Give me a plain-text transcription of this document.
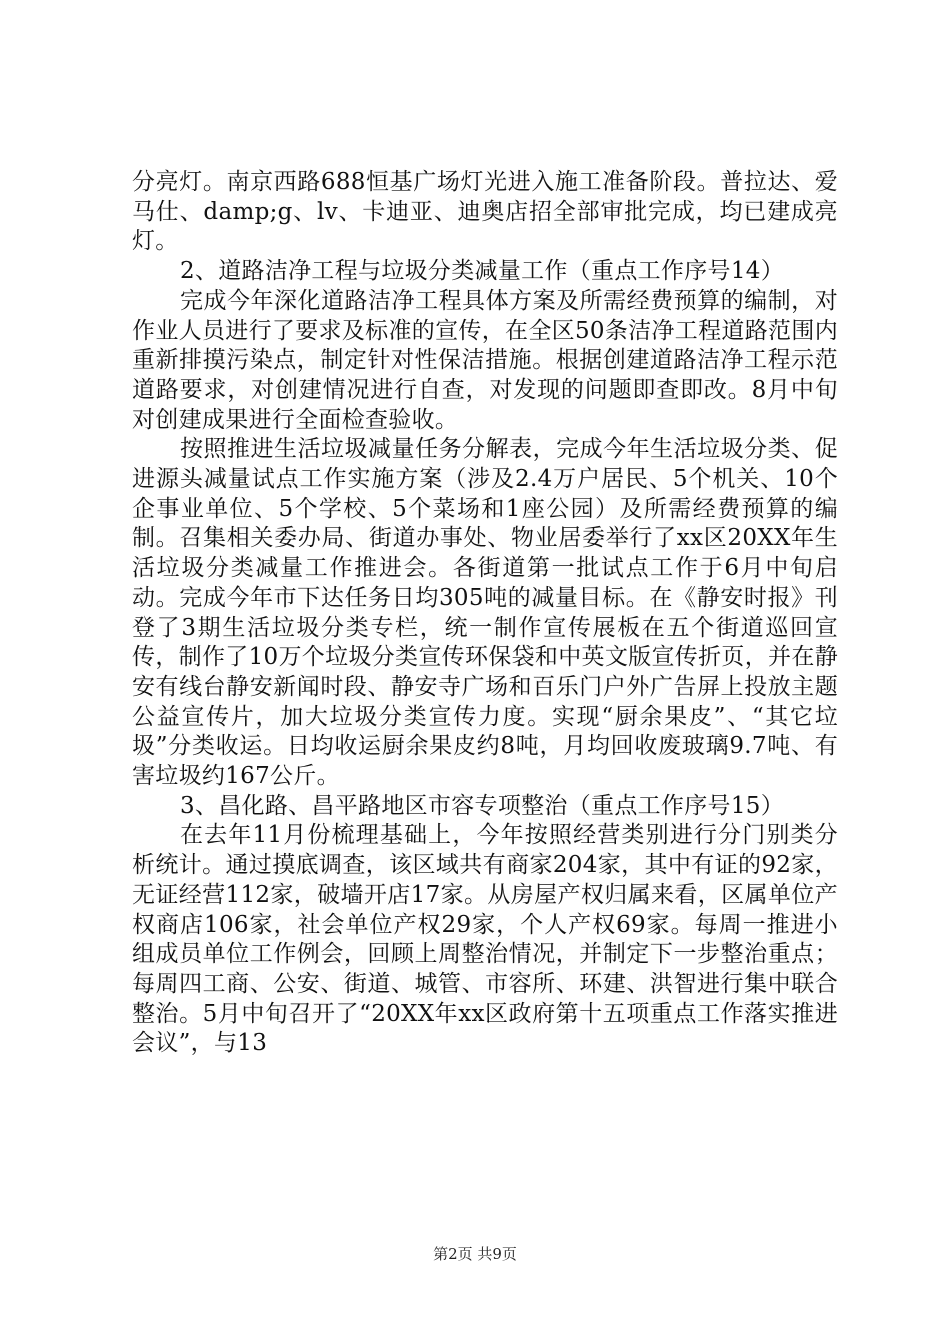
分亮灯。南京西路688恒基广场灯光进入施工准备阶段。普拉达、爱马仕、damp;g、lv、卡迪亚、迪奥店招全部审批完成，均已建成亮灯。

2、道路洁净工程与垃圾分类减量工作（重点工作序号14）

完成今年深化道路洁净工程具体方案及所需经费预算的编制，对作业人员进行了要求及标准的宣传，在全区50条洁净工程道路范围内重新排摸污染点，制定针对性保洁措施。根据创建道路洁净工程示范道路要求，对创建情况进行自查，对发现的问题即查即改。8月中旬对创建成果进行全面检查验收。

按照推进生活垃圾减量任务分解表，完成今年生活垃圾分类、促进源头减量试点工作实施方案（涉及2.4万户居民、5个机关、10个企事业单位、5个学校、5个菜场和1座公园）及所需经费预算的编制。召集相关委办局、街道办事处、物业居委举行了xx区20XX年生活垃圾分类减量工作推进会。各街道第一批试点工作于6月中旬启动。完成今年市下达任务日均305吨的减量目标。在《静安时报》刊登了3期生活垃圾分类专栏，统一制作宣传展板在五个街道巡回宣传，制作了10万个垃圾分类宣传环保袋和中英文版宣传折页，并在静安有线台静安新闻时段、静安寺广场和百乐门户外广告屏上投放主题公益宣传片，加大垃圾分类宣传力度。实现“厨余果皮”、“其它垃圾”分类收运。日均收运厨余果皮约8吨，月均回收废玻璃9.7吨、有害垃圾约167公斤。

3、昌化路、昌平路地区市容专项整治（重点工作序号15）

在去年11月份梳理基础上，今年按照经营类别进行分门别类分析统计。通过摸底调查，该区域共有商家204家，其中有证的92家，无证经营112家，破墙开店17家。从房屋产权归属来看，区属单位产权商店106家，社会单位产权29家，个人产权69家。每周一推进小组成员单位工作例会，回顾上周整治情况，并制定下一步整治重点；每周四工商、公安、街道、城管、市容所、环建、洪智进行集中联合整治。5月中旬召开了“20XX年xx区政府第十五项重点工作落实推进会议”，与13

第2页 共9页
